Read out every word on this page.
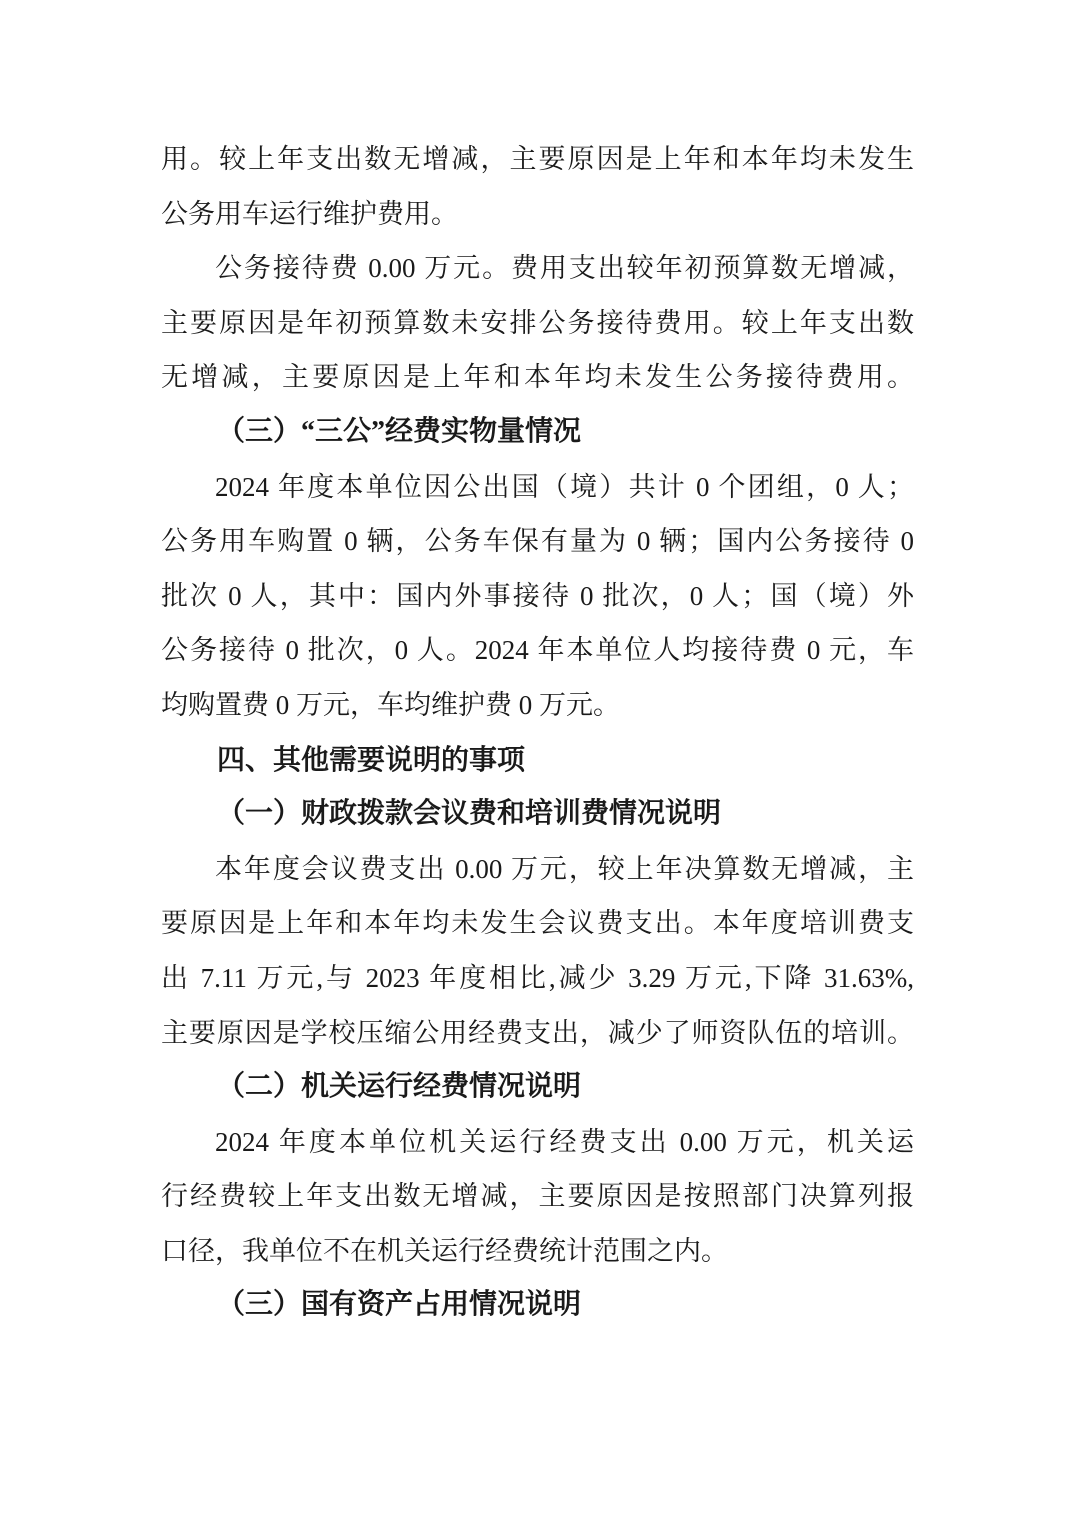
用。较上年支出数无增减，主要原因是上年和本年均未发生
公务用车运行维护费用。
公务接待费 0.00 万元。费用支出较年初预算数无增减，
主要原因是年初预算数未安排公务接待费用。较上年支出数
无增减，主要原因是上年和本年均未发生公务接待费用。
（三）“三公”经费实物量情况
2024 年度本单位因公出国（境）共计 0 个团组，0 人；
公务用车购置 0 辆，公务车保有量为 0 辆；国内公务接待 0
批次 0 人，其中：国内外事接待 0 批次，0 人；国（境）外
公务接待 0 批次，0 人。2024 年本单位人均接待费 0 元，车
均购置费 0 万元，车均维护费 0 万元。
四、其他需要说明的事项
（一）财政拨款会议费和培训费情况说明
本年度会议费支出 0.00 万元，较上年决算数无增减，主
要原因是上年和本年均未发生会议费支出。本年度培训费支
出 7.11 万元,与 2023 年度相比,减少 3.29 万元,下降 31.63%,
主要原因是学校压缩公用经费支出，减少了师资队伍的培训。
（二）机关运行经费情况说明
2024 年度本单位机关运行经费支出 0.00 万元，机关运
行经费较上年支出数无增减，主要原因是按照部门决算列报
口径，我单位不在机关运行经费统计范围之内。
（三）国有资产占用情况说明
